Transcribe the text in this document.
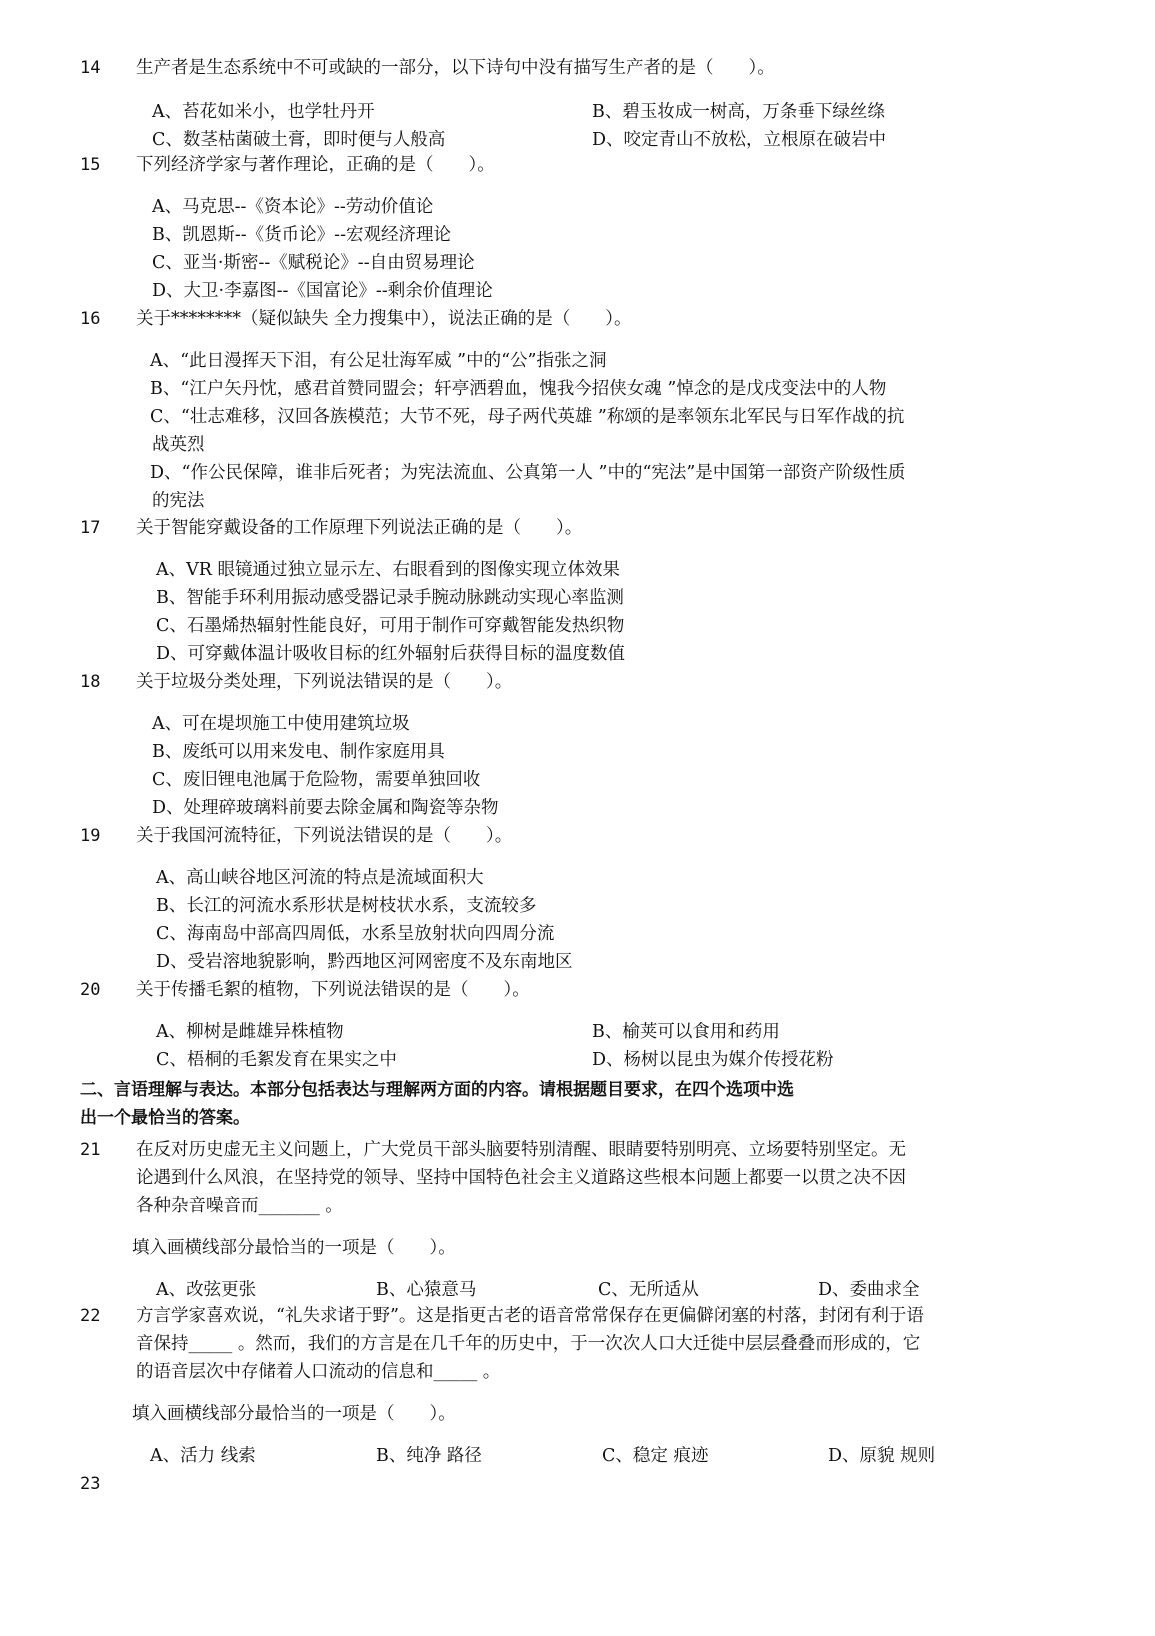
14	生产者是生态系统中不可或缺的一部分，以下诗句中没有描写生产者的是（　　）。
A、苔花如米小，也学牡丹开	B、碧玉妆成一树高，万条垂下绿丝绦
C、数茎枯菌破土膏，即时便与人般高	D、咬定青山不放松，立根原在破岩中
15	下列经济学家与著作理论，正确的是（　　）。
A、马克思--《资本论》--劳动价值论
B、凯恩斯--《货币论》--宏观经济理论
C、亚当·斯密--《赋税论》--自由贸易理论
D、大卫·李嘉图--《国富论》--剩余价值理论
16	关于********（疑似缺失 全力搜集中），说法正确的是（　　）。
A、“此日漫挥天下泪，有公足壮海军威 ”中的“公”指张之洞
B、“江户矢丹忱，感君首赞同盟会；轩亭洒碧血，愧我今招侠女魂 ”悼念的是戊戌变法中的人物
C、“壮志难移，汉回各族模范；大节不死，母子两代英雄 ”称颂的是率领东北军民与日军作战的抗
战英烈
D、“作公民保障，谁非后死者；为宪法流血、公真第一人 ”中的“宪法”是中国第一部资产阶级性质
的宪法
17	关于智能穿戴设备的工作原理下列说法正确的是（　　）。
A、VR 眼镜通过独立显示左、右眼看到的图像实现立体效果
B、智能手环利用振动感受器记录手腕动脉跳动实现心率监测
C、石墨烯热辐射性能良好，可用于制作可穿戴智能发热织物
D、可穿戴体温计吸收目标的红外辐射后获得目标的温度数值
18	关于垃圾分类处理，下列说法错误的是（　　）。
A、可在堤坝施工中使用建筑垃圾
B、废纸可以用来发电、制作家庭用具
C、废旧锂电池属于危险物，需要单独回收
D、处理碎玻璃料前要去除金属和陶瓷等杂物
19	关于我国河流特征，下列说法错误的是（　　）。
A、高山峡谷地区河流的特点是流域面积大
B、长江的河流水系形状是树枝状水系，支流较多
C、海南岛中部高四周低，水系呈放射状向四周分流
D、受岩溶地貌影响，黔西地区河网密度不及东南地区
20	关于传播毛絮的植物，下列说法错误的是（　　）。
A、柳树是雌雄异株植物	B、榆荚可以食用和药用
C、梧桐的毛絮发育在果实之中	D、杨树以昆虫为媒介传授花粉
二、言语理解与表达。本部分包括表达与理解两方面的内容。请根据题目要求，在四个选项中选
出一个最恰当的答案。
21	在反对历史虚无主义问题上，广大党员干部头脑要特别清醒、眼睛要特别明亮、立场要特别坚定。无
论遇到什么风浪，在坚持党的领导、坚持中国特色社会主义道路这些根本问题上都要一以贯之决不因
各种杂音噪音而_______ 。
填入画横线部分最恰当的一项是（　　）。
A、改弦更张	B、心猿意马	C、无所适从	D、委曲求全
22	方言学家喜欢说，“礼失求诸于野”。这是指更古老的语音常常保存在更偏僻闭塞的村落，封闭有利于语
音保持_____ 。然而，我们的方言是在几千年的历史中，于一次次人口大迁徙中层层叠叠而形成的，它
的语音层次中存储着人口流动的信息和_____ 。
填入画横线部分最恰当的一项是（　　）。
A、活力 线索	B、纯净 路径	C、稳定 痕迹	D、原貌 规则
23
